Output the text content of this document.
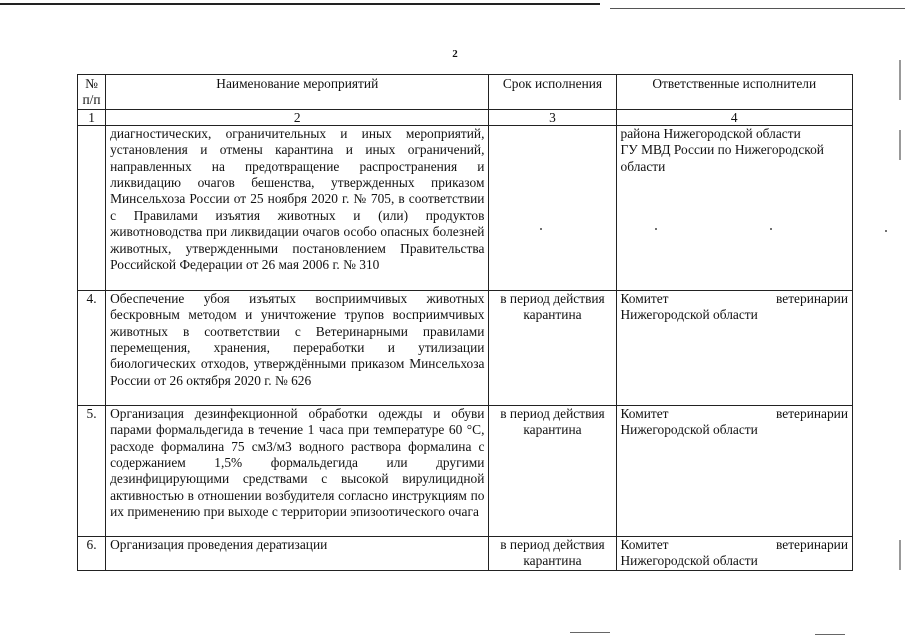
2
№
п/п	Наименование мероприятий	Срок исполнения	Ответственные исполнители
1	2	3	4
	диагностических, ограничительных и иных мероприятий, установления и отмены карантина и иных ограничений, направленных на предотвращение распространения и ликвидацию очагов бешенства, утвержденных приказом Минсельхоза России от 25 ноября 2020 г. № 705, в соответствии с Правилами изъятия животных и (или) продуктов животноводства при ликвидации очагов особо опасных болезней животных, утвержденными постановлением Правительства Российской Федерации от 26 мая 2006 г. № 310		района Нижегородской области
ГУ МВД России по Нижегородской области

4.	Обеспечение убоя изъятых восприимчивых животных бескровным методом и уничтожение трупов восприимчивых животных в соответствии с Ветеринарными правилами перемещения, хранения, переработки и утилизации биологических отходов, утверждёнными приказом Минсельхоза России от 26 октября 2020 г. № 626	в период действия карантина	Комитет ветеринарии
Нижегородской области

5.	Организация дезинфекционной обработки одежды и обуви парами формальдегида в течение 1 часа при температуре 60 °С, расходе формалина 75 см3/м3 водного раствора формалина с содержанием 1,5% формальдегида или другими дезинфицирующими средствами с высокой вирулицидной активностью в отношении возбудителя согласно инструкциям по их применению при выходе с территории эпизоотического очага	в период действия карантина	Комитет ветеринарии
Нижегородской области

6.	Организация проведения дератизации	в период действия карантина	Комитет ветеринарии
Нижегородской области
